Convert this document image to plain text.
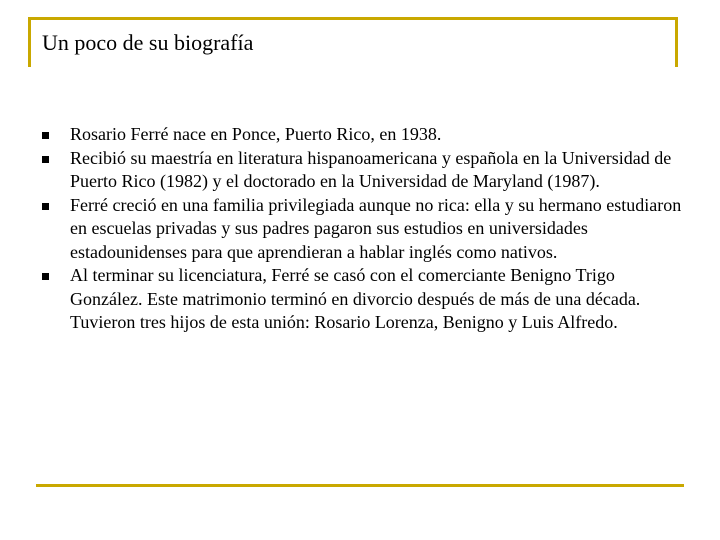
Un poco de su biografía
Rosario Ferré nace en Ponce, Puerto Rico, en 1938.
Recibió su maestría en literatura hispanoamericana y española en la Universidad de Puerto Rico (1982) y el doctorado en la Universidad de Maryland (1987).
Ferré creció en una familia privilegiada aunque no rica: ella y su hermano estudiaron en escuelas privadas y sus padres pagaron sus estudios en universidades estadounidenses para que aprendieran a hablar inglés como nativos.
Al terminar su licenciatura, Ferré se casó con el comerciante Benigno Trigo González. Este matrimonio terminó en divorcio después de más de una década. Tuvieron tres hijos de esta unión: Rosario Lorenza, Benigno y Luis Alfredo.
